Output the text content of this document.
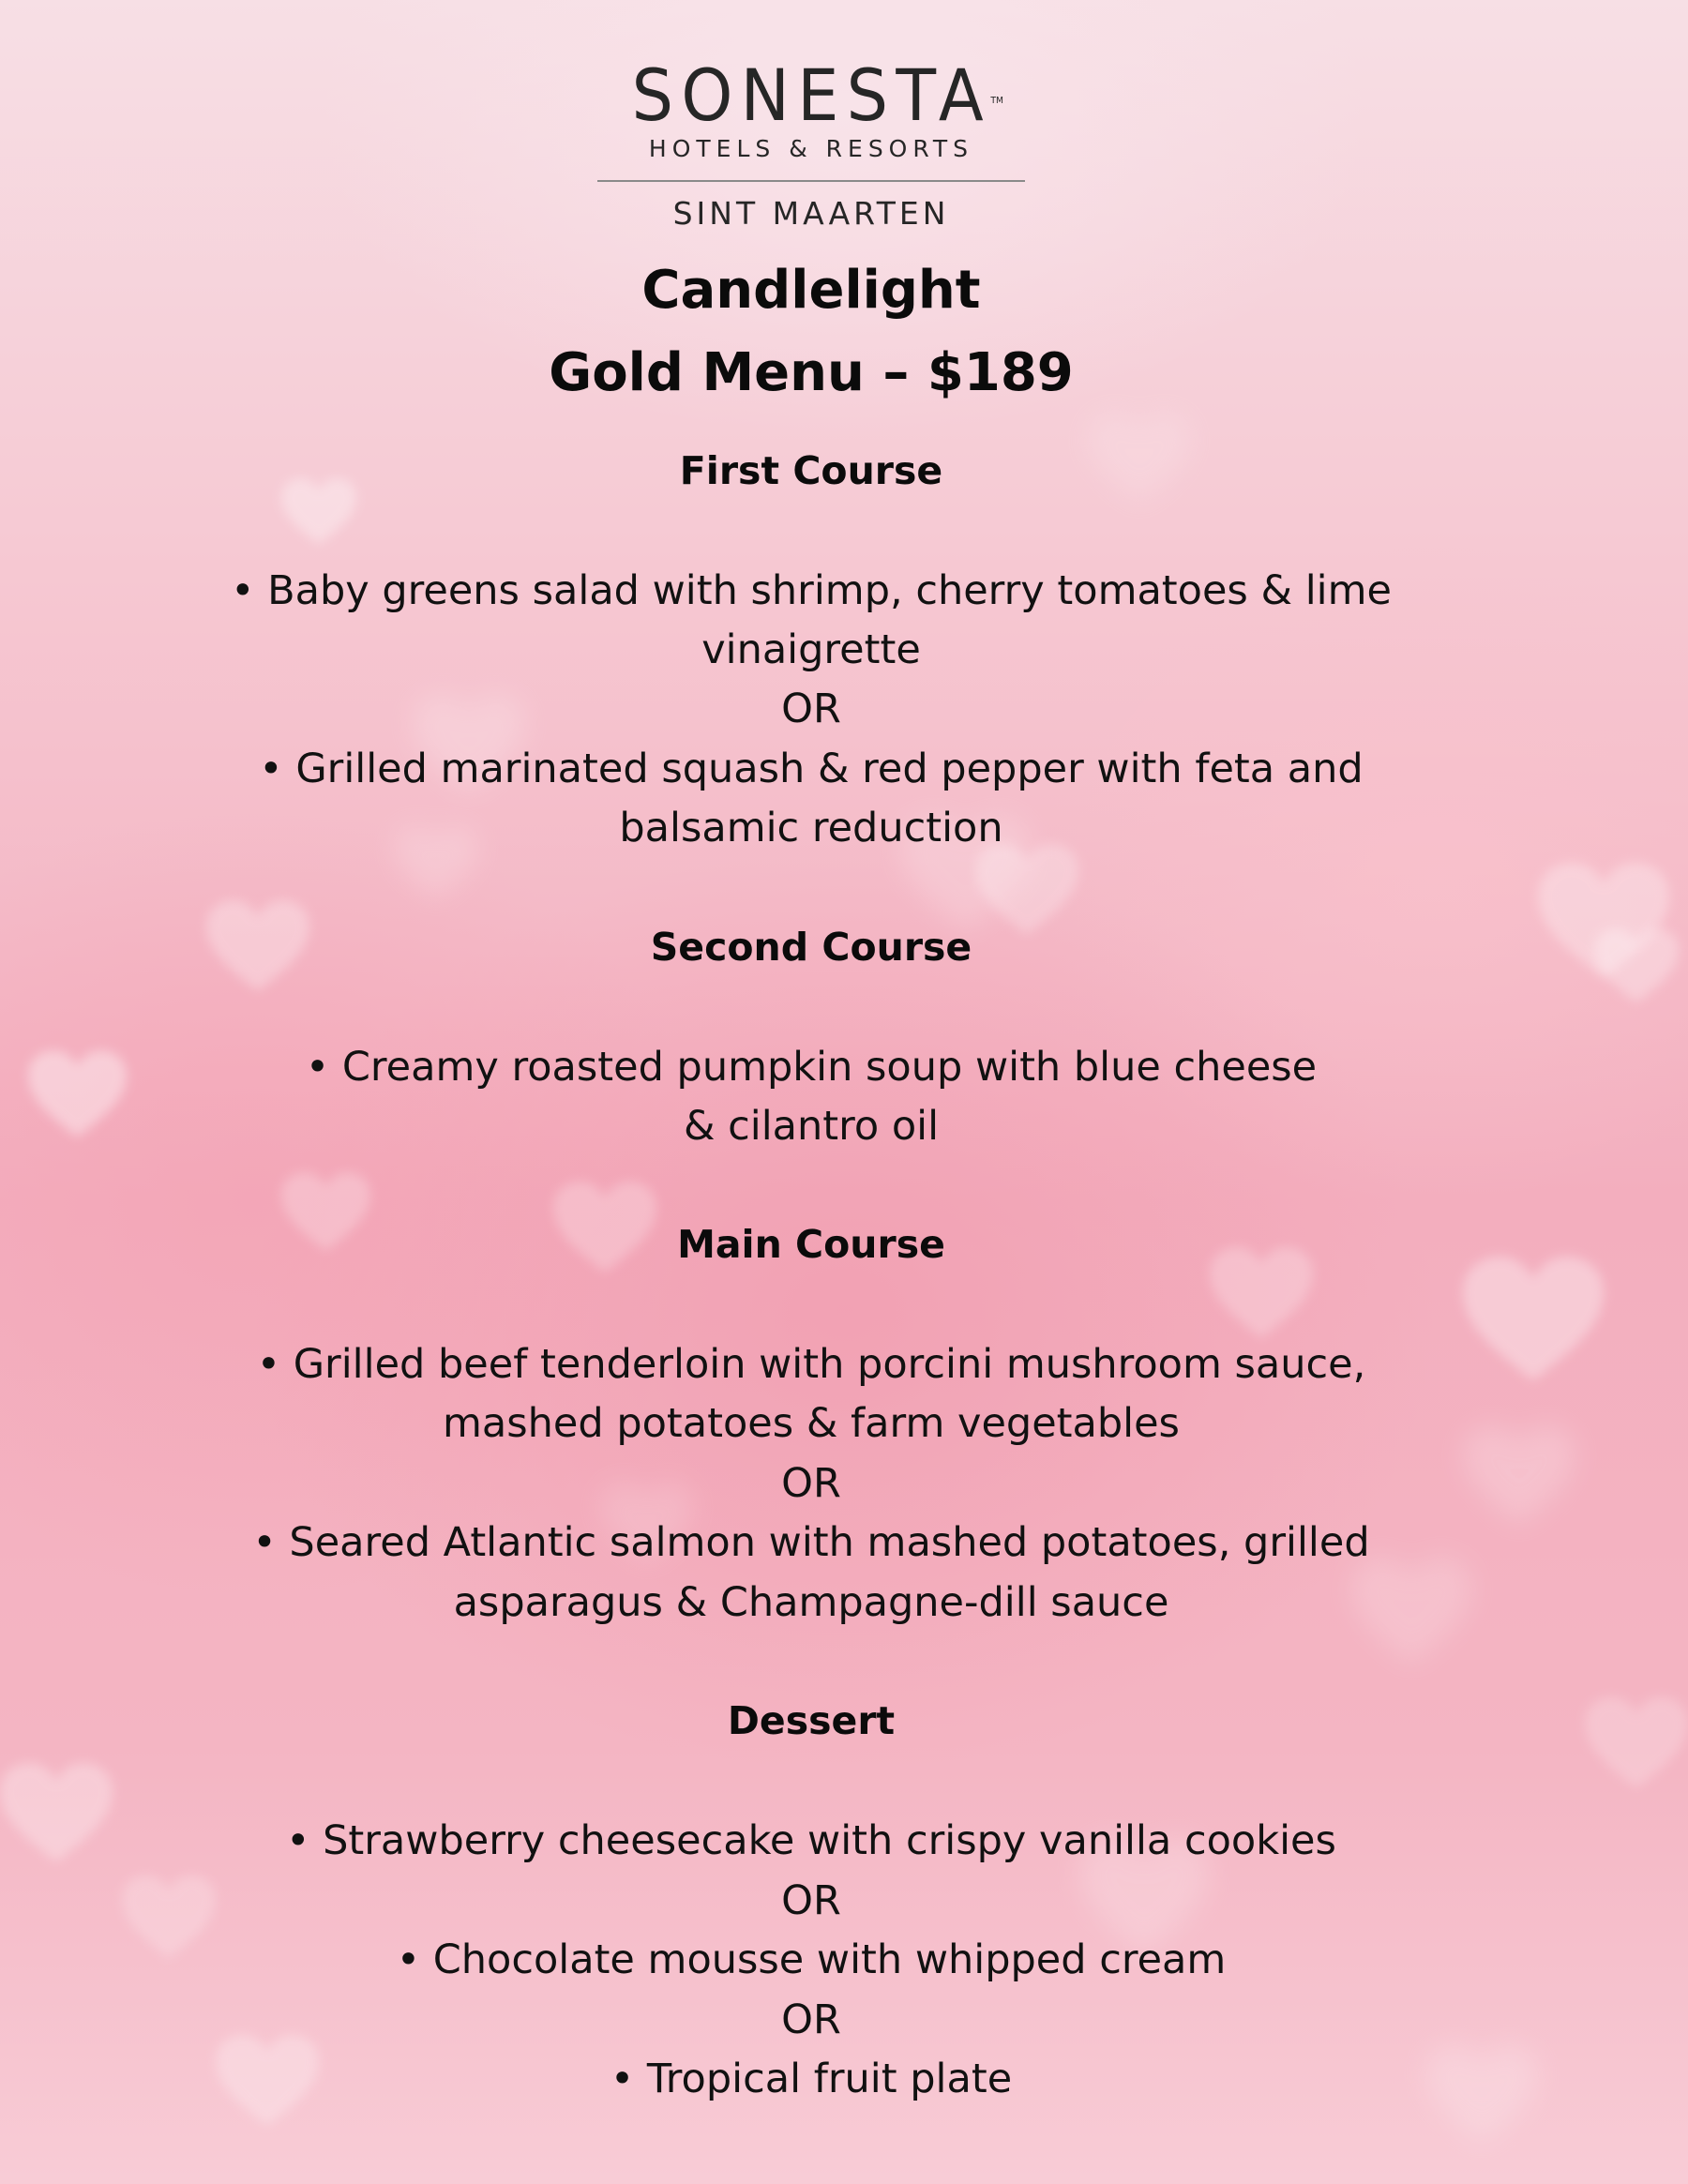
SONESTA TM
HOTELS & RESORTS
SINT MAARTEN
Candlelight
Gold Menu – $189
First Course
• Baby greens salad with shrimp, cherry tomatoes & lime
vinaigrette
OR
• Grilled marinated squash & red pepper with feta and
balsamic reduction
Second Course
• Creamy roasted pumpkin soup with blue cheese
& cilantro oil
Main Course
• Grilled beef tenderloin with porcini mushroom sauce,
mashed potatoes & farm vegetables
OR
• Seared Atlantic salmon with mashed potatoes, grilled
asparagus & Champagne-dill sauce
Dessert
• Strawberry cheesecake with crispy vanilla cookies
OR
• Chocolate mousse with whipped cream
OR
• Tropical fruit plate
